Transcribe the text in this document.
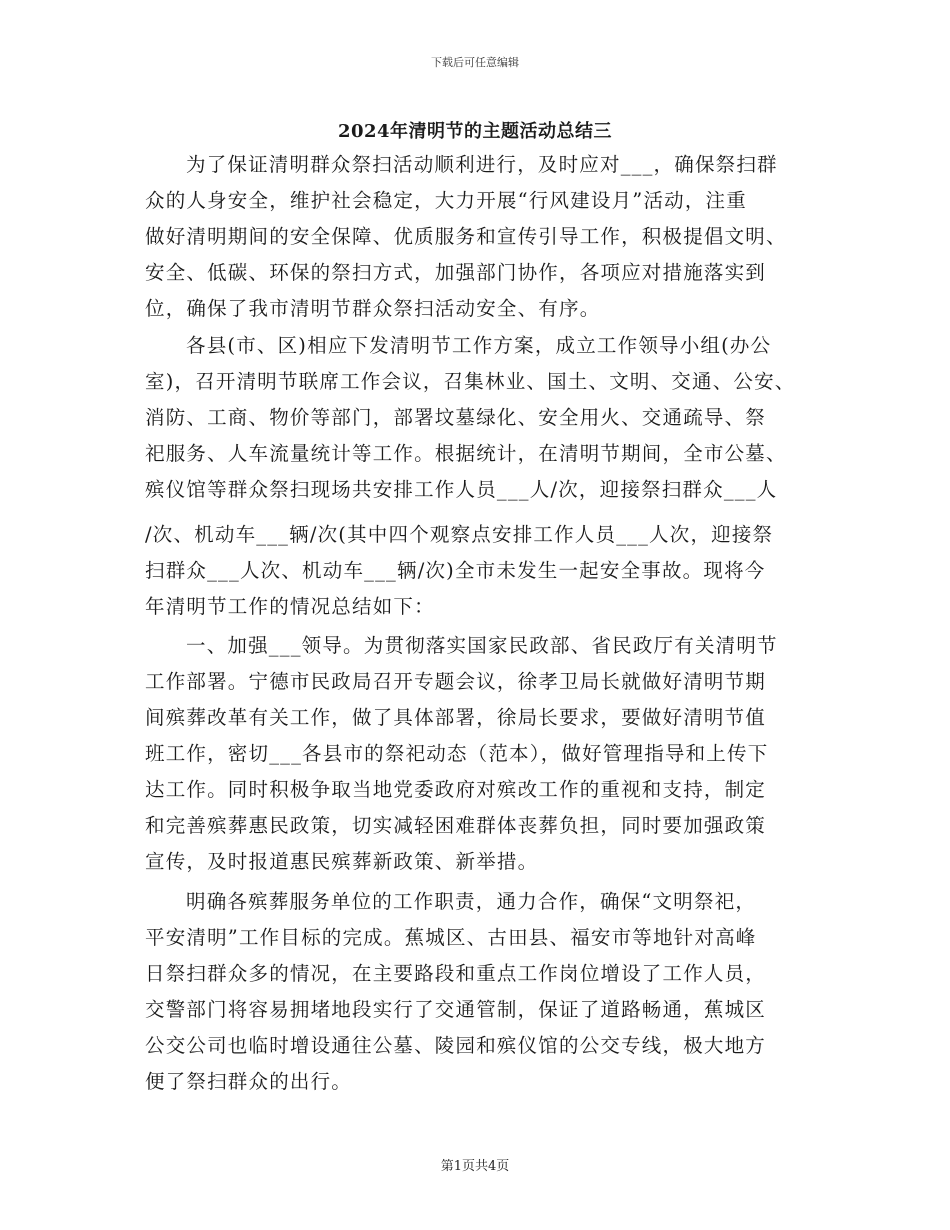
下载后可任意编辑
2024年清明节的主题活动总结三
为了保证清明群众祭扫活动顺利进行，及时应对___，确保祭扫群
众的人身安全，维护社会稳定，大力开展“行风建设月”活动，注重
做好清明期间的安全保障、优质服务和宣传引导工作，积极提倡文明、
安全、低碳、环保的祭扫方式，加强部门协作，各项应对措施落实到
位，确保了我市清明节群众祭扫活动安全、有序。
各县(市、区)相应下发清明节工作方案，成立工作领导小组(办公
室)，召开清明节联席工作会议，召集林业、国土、文明、交通、公安、
消防、工商、物价等部门，部署坟墓绿化、安全用火、交通疏导、祭
祀服务、人车流量统计等工作。根据统计，在清明节期间，全市公墓、
殡仪馆等群众祭扫现场共安排工作人员___人/次，迎接祭扫群众___人
/次、机动车___辆/次(其中四个观察点安排工作人员___人次，迎接祭
扫群众___人次、机动车___辆/次)全市未发生一起安全事故。现将今
年清明节工作的情况总结如下：
一、加强___领导。为贯彻落实国家民政部、省民政厅有关清明节
工作部署。宁德市民政局召开专题会议，徐孝卫局长就做好清明节期
间殡葬改革有关工作，做了具体部署，徐局长要求，要做好清明节值
班工作，密切___各县市的祭祀动态（范本），做好管理指导和上传下
达工作。同时积极争取当地党委政府对殡改工作的重视和支持，制定
和完善殡葬惠民政策，切实减轻困难群体丧葬负担，同时要加强政策
宣传，及时报道惠民殡葬新政策、新举措。
明确各殡葬服务单位的工作职责，通力合作，确保“文明祭祀，
平安清明”工作目标的完成。蕉城区、古田县、福安市等地针对高峰
日祭扫群众多的情况，在主要路段和重点工作岗位增设了工作人员，
交警部门将容易拥堵地段实行了交通管制，保证了道路畅通，蕉城区
公交公司也临时增设通往公墓、陵园和殡仪馆的公交专线，极大地方
便了祭扫群众的出行。
第1页共4页
